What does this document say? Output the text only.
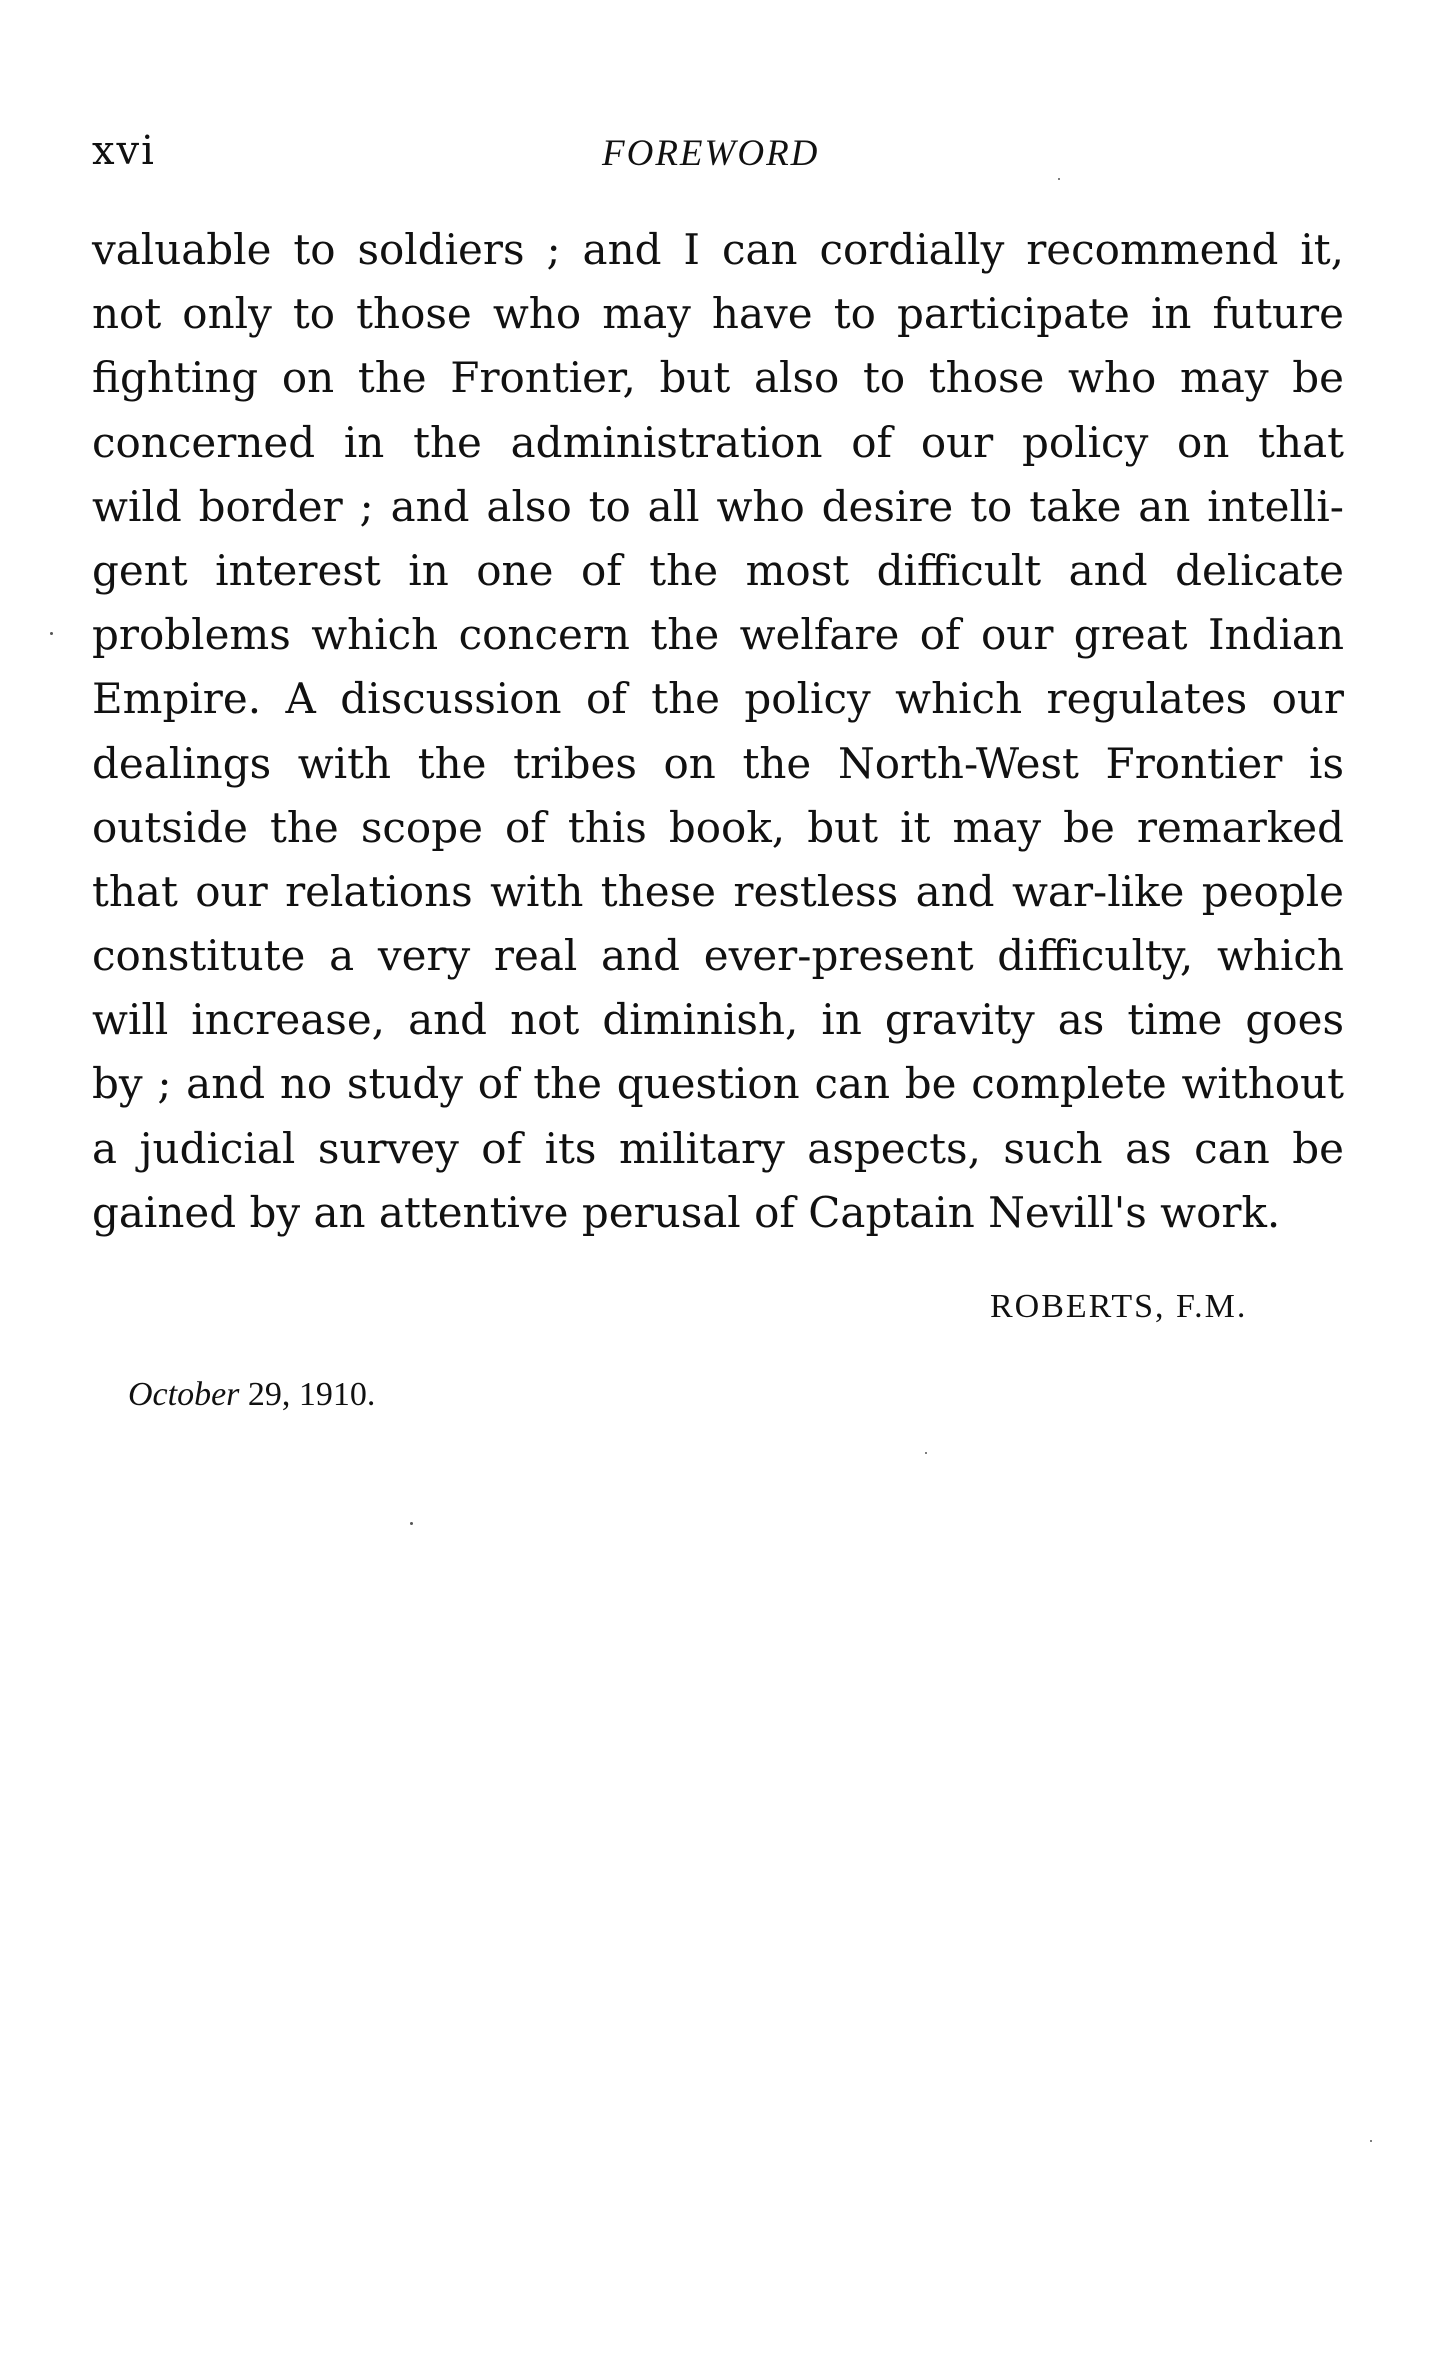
xvi	FOREWORD
valuable to soldiers ; and I can cordially recommend it,
not only to those who may have to participate in future
fighting on the Frontier, but also to those who may be
concerned in the administration of our policy on that
wild border ; and also to all who desire to take an intelli-
gent interest in one of the most difficult and delicate
problems which concern the welfare of our great Indian
Empire. A discussion of the policy which regulates our
dealings with the tribes on the North-West Frontier is
outside the scope of this book, but it may be remarked
that our relations with these restless and war-like people
constitute a very real and ever-present difficulty, which
will increase, and not diminish, in gravity as time goes
by ; and no study of the question can be complete without
a judicial survey of its military aspects, such as can be
gained by an attentive perusal of Captain Nevill's work.
ROBERTS, F.M.
October 29, 1910.
